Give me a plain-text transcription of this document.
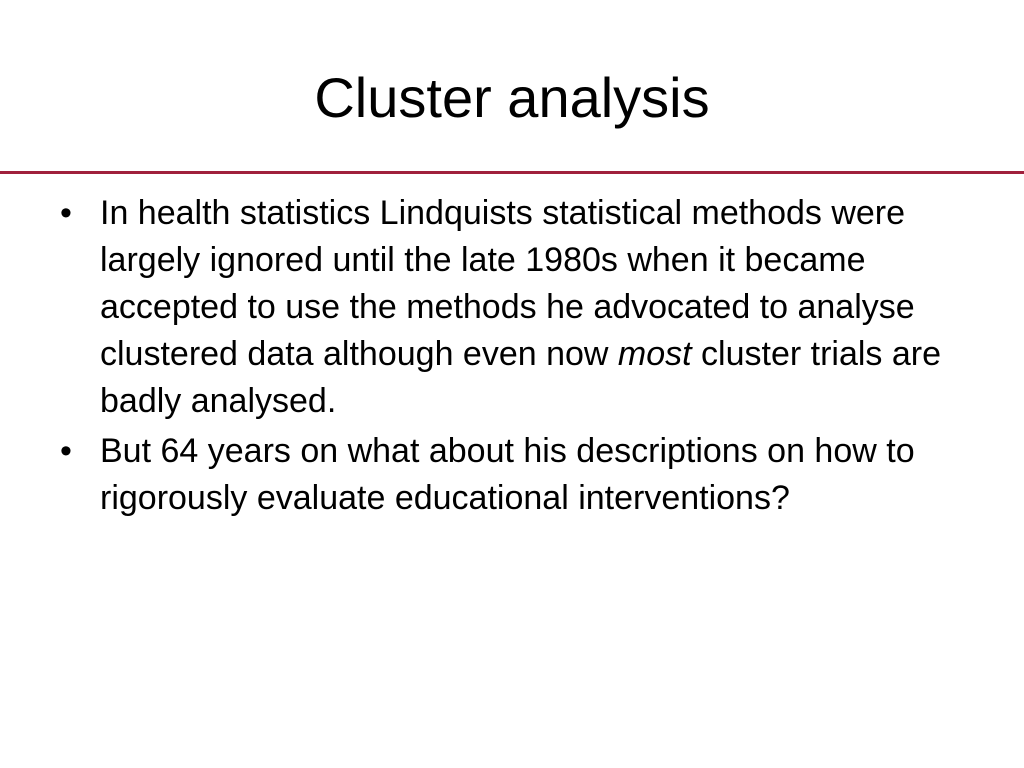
Cluster analysis
• In health statistics Lindquists statistical methods were largely ignored until the late 1980s when it became accepted to use the methods he advocated to analyse clustered data although even now most cluster trials are badly analysed.
• But 64 years on what about his descriptions on how to rigorously evaluate educational interventions?
